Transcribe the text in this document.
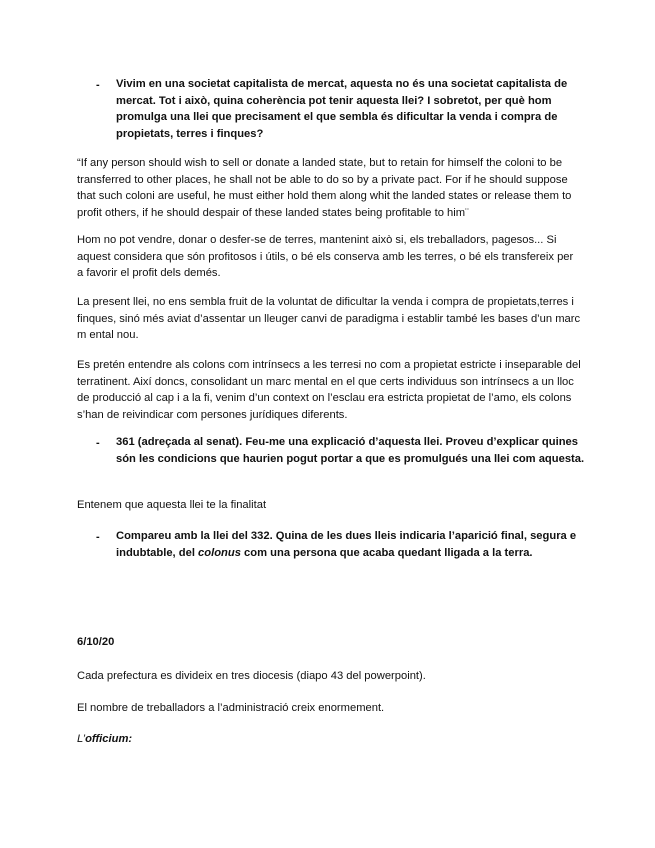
- Vivim en una societat capitalista de mercat, aquesta no és una societat capitalista de mercat. Tot i això, quina coherència pot tenir aquesta llei? I sobretot, per què hom promulga una llei que precisament el que sembla és dificultar la venda i compra de propietats, terres i finques?
“If any person should wish to sell or donate a landed state, but to retain for himself the coloni to be transferred to other places, he shall not be able to do so by a private pact. For if he should suppose that such coloni are useful, he must either hold them along whit the landed states or release them to profit others, if he should despair of these landed states being profitable to him¨
Hom no pot vendre, donar o desfer-se de terres, mantenint això si, els treballadors, pagesos... Si aquest considera que són profitosos i útils, o bé els conserva amb les terres, o bé els transfereix per a favorir el profit dels demés.
La present llei, no ens sembla fruit de la voluntat de dificultar la venda i compra de propietats,terres i finques, sinó més aviat d’assentar un lleuger canvi de paradigma i establir també les bases d’un marc m ental nou.
Es pretén entendre als colons com intrínsecs a les terresi no com a propietat estricte i inseparable del terratinent. Així doncs, consolidant un marc mental en el que certs individuus son intrínsecs a un lloc de producció al cap i a la fi, venim d’un context on l’esclau era estricta propietat de l’amo, els colons s’han de reivindicar com persones jurídiques diferents.
- 361 (adreçada al senat). Feu-me una explicació d’aquesta llei. Proveu d’explicar quines són les condicions que haurien pogut portar a que es promulgués una llei com aquesta.
Entenem que aquesta llei te la finalitat
- Compareu amb la llei del 332. Quina de les dues lleis indicaria l’aparició final, segura e indubtable, del colonus com una persona que acaba quedant lligada a la terra.
6/10/20
Cada prefectura es divideix en tres diocesis (diapo 43 del powerpoint).
El nombre de treballadors a l’administració creix enormement.
L’officium:
